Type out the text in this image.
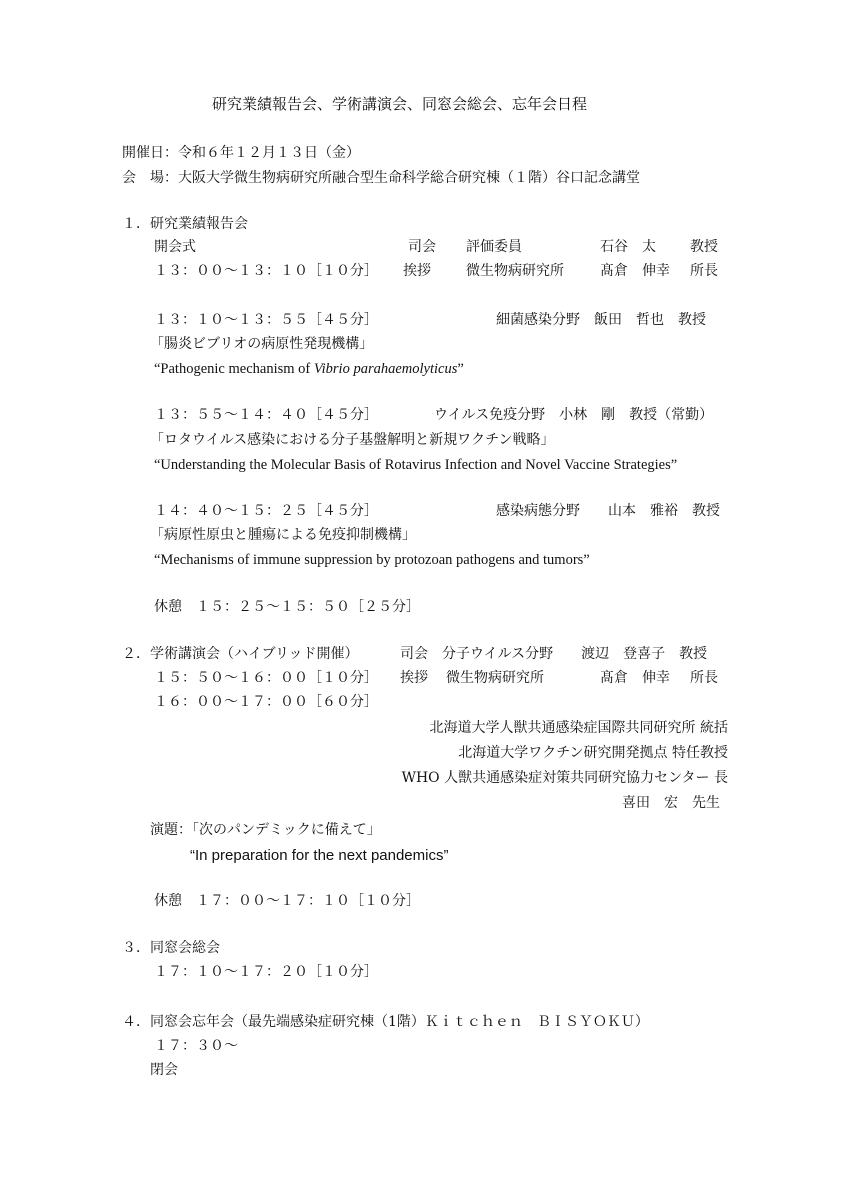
研究業績報告会、学術講演会、同窓会総会、忘年会日程
開催日：令和６年１２月１３日（金）
会　場：大阪大学微生物病研究所融合型生命科学総合研究棟（１階）谷口記念講堂
１．研究業績報告会
開会式	司会 評価委員	石谷　太 教授
１３：００～１３：１０［１０分］ 挨拶	微生物病研究所	髙倉　伸幸 所長
１３：１０～１３：５５［４５分］	細菌感染分野　飯田　哲也　教授
「腸炎ビブリオの病原性発現機構」
“Pathogenic mechanism of Vibrio parahaemolyticus”
１３：５５～１４：４０［４５分］	ウイルス免疫分野　小林　剛　教授（常勤）
「ロタウイルス感染における分子基盤解明と新規ワクチン戦略」
“Understanding the Molecular Basis of Rotavirus Infection and Novel Vaccine Strategies”
１４：４０～１５：２５［４５分］	感染病態分野　　山本　雅裕　教授
「病原性原虫と腫瘍による免疫抑制機構」
“Mechanisms of immune suppression by protozoan pathogens and tumors”
休憩　１５：２５～１５：５０［２５分］
２．学術講演会（ハイブリッド開催）	司会　分子ウイルス分野　　渡辺　登喜子　教授
１５：５０～１６：００［１０分］ 挨拶 微生物病研究所	髙倉　伸幸 所長
１６：００～１７：００［６０分］
北海道大学人獣共通感染症国際共同研究所 統括
北海道大学ワクチン研究開発拠点 特任教授
WHO 人獣共通感染症対策共同研究協力センター 長
喜田　宏　先生
演題：「次のパンデミックに備えて」
“In preparation for the next pandemics”
休憩　１７：００～１７：１０［１０分］
３．同窓会総会
１７：１０～１７：２０［１０分］
４．同窓会忘年会（最先端感染症研究棟（1階）Ｋｉｔｃｈｅｎ　ＢＩＳＹＯＫＵ）
１７：３０～
閉会
